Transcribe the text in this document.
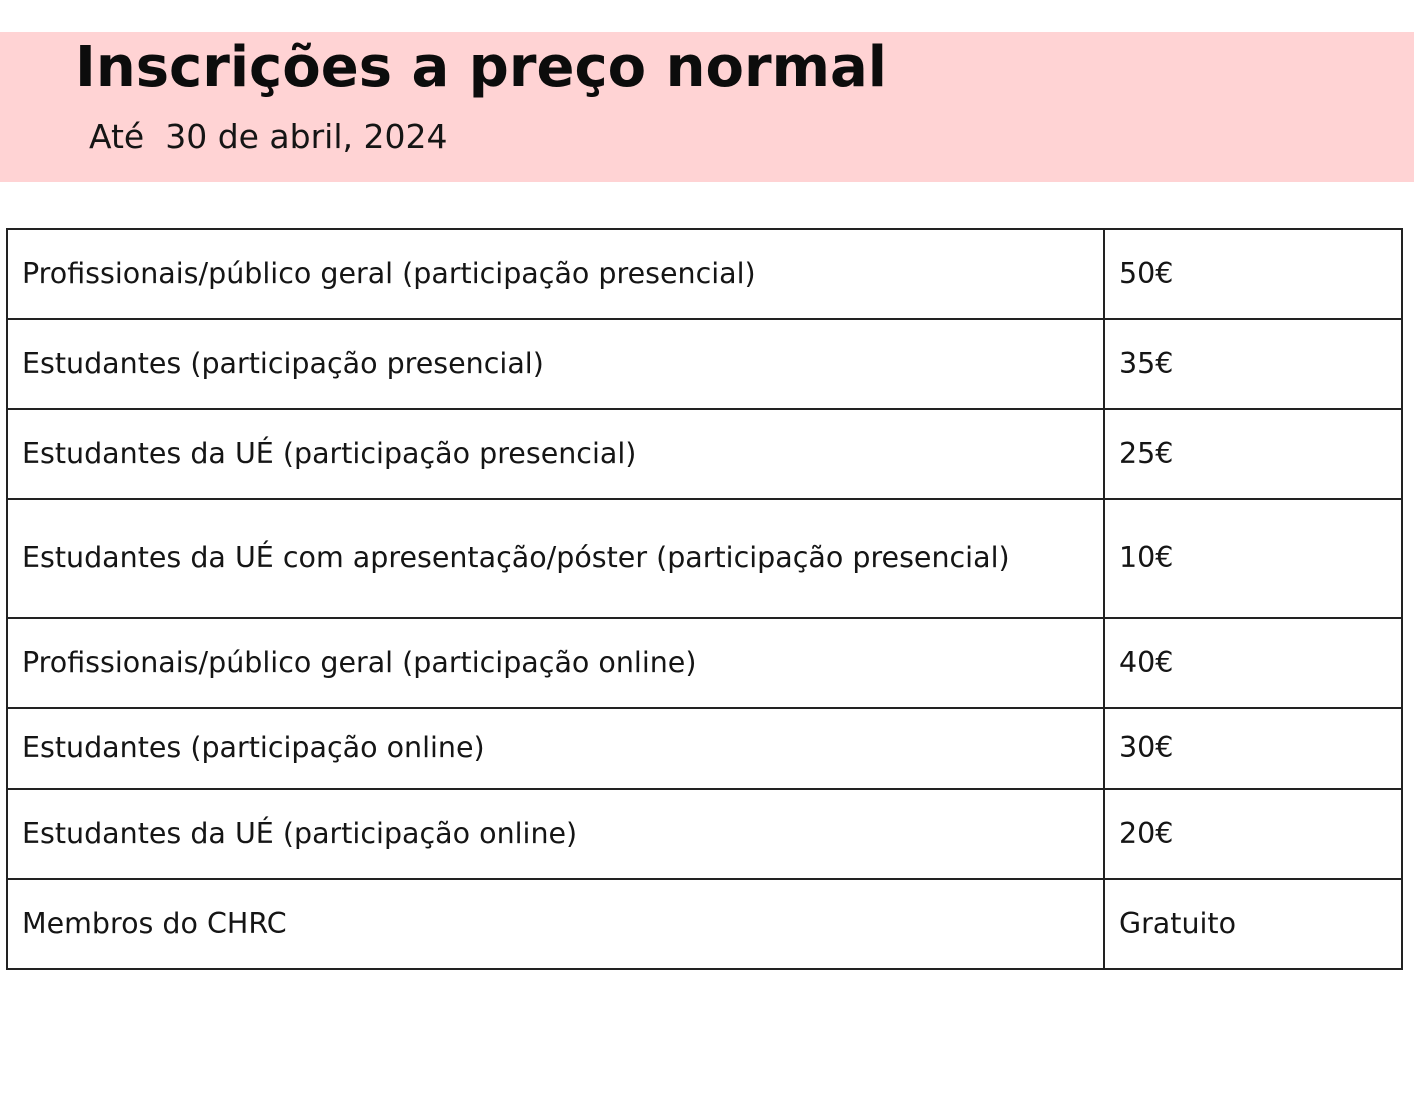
Inscrições a preço normal

Até  30 de abril, 2024

Profissionais/público geral (participação presencial)	50€
Estudantes (participação presencial)	35€
Estudantes da UÉ (participação presencial)	25€
Estudantes da UÉ com apresentação/póster (participação presencial)	10€
Profissionais/público geral (participação online)	40€
Estudantes (participação online)	30€
Estudantes da UÉ (participação online)	20€
Membros do CHRC	Gratuito
